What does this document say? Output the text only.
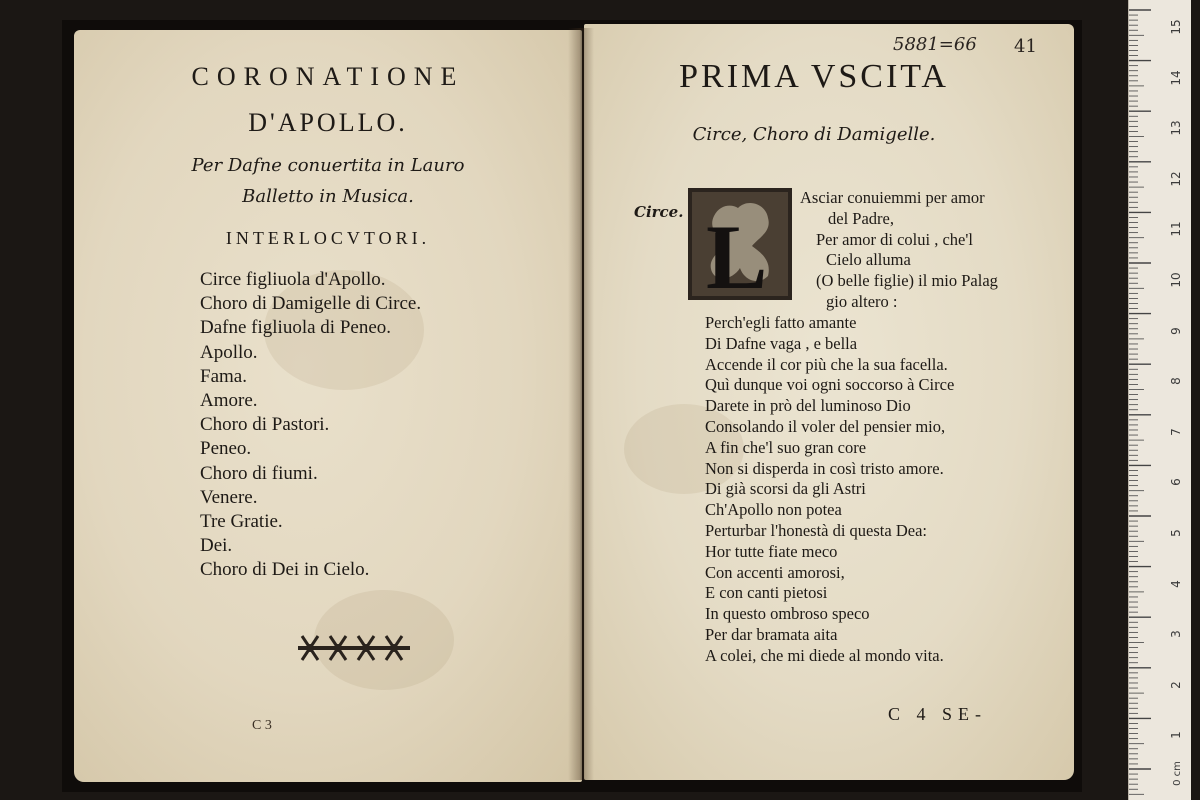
CORONATIONE
D'APOLLO.
Per Dafne conuertita in Lauro
Balletto in Musica.
INTERLOCVTORI.
Circe figliuola d'Apollo.
Choro di Damigelle di Circe.
Dafne figliuola di Peneo.
Apollo.
Fama.
Amore.
Choro di Pastori.
Peneo.
Choro di fiumi.
Venere.
Tre Gratie.
Dei.
Choro di Dei in Cielo.
C 3
5881=66 41
PRIMA VSCITA
Circe, Choro di Damigelle.
Circe. L
Asciar conuiemmi per amor
del Padre,
Per amor di colui , che'l
Cielo alluma
(O belle figlie) il mio Palag
gio altero :
Perch'egli fatto amante
Di Dafne vaga , e bella
Accende il cor più che la sua facella.
Quì dunque voi ogni soccorso à Circe
Darete in prò del luminoso Dio
Consolando il voler del pensier mio,
A fin che'l suo gran core
Non si disperda in così tristo amore.
Di già scorsi da gli Astri
Ch'Apollo non potea
Perturbar l'honestà di questa Dea:
Hor tutte fiate meco
Con accenti amorosi,
E con canti pietosi
In questo ombroso speco
Per dar bramata aita
A colei, che mi diede al mondo vita.
C 4 SE-
15
14
13
12
11
10
9
8
7
6
5
4
3
2
1
0 cm
